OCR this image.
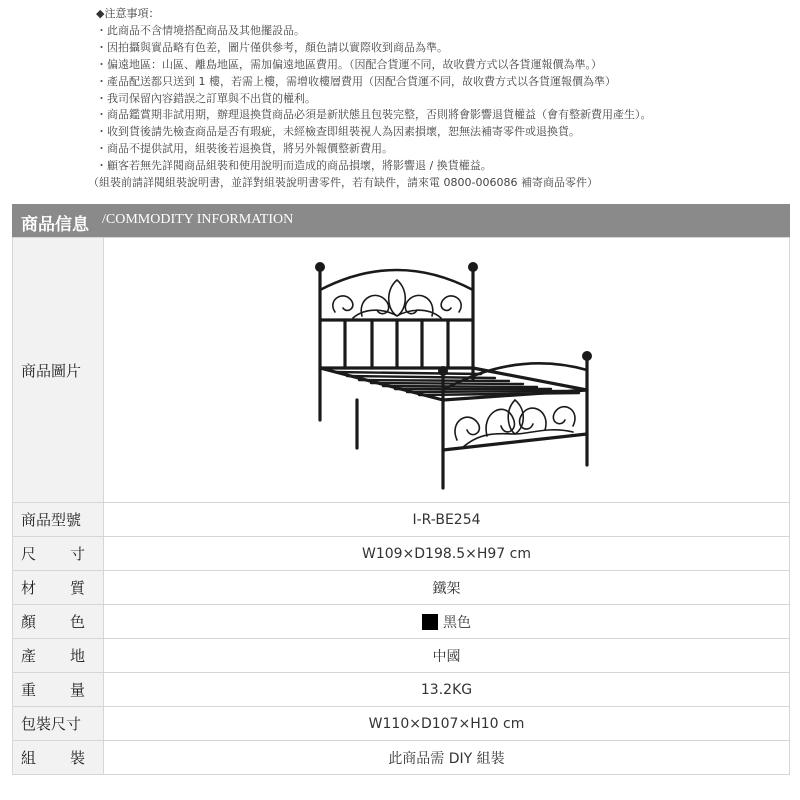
◆注意事項：
・此商品不含情境搭配商品及其他擺設品。
・因拍攝與實品略有色差，圖片僅供參考，顏色請以實際收到商品為準。
・偏遠地區：山區、離島地區，需加偏遠地區費用。（因配合貨運不同，故收費方式以各貨運報價為準。）
・產品配送都只送到 1 樓，若需上樓，需增收樓層費用（因配合貨運不同，故收費方式以各貨運報價為準）
・我司保留內容錯誤之訂單與不出貨的權利。
・商品鑑賞期非試用期，辦理退換貨商品必須是新狀態且包裝完整，否則將會影響退貨權益（會有整新費用產生）。
・收到貨後請先檢查商品是否有瑕疵，未經檢查即組裝視人為因素損壞，恕無法補寄零件或退換貨。
・商品不提供試用，組裝後若退換貨，將另外報價整新費用。
・顧客若無先詳閱商品組裝和使用說明而造成的商品損壞，將影響退 / 換貨權益。
（組裝前請詳閱組裝說明書，並詳對組裝說明書零件，若有缺件，請來電 0800-006086 補寄商品零件）
商品信息 /COMMODITY INFORMATION
商品圖片	

商品型號	I-R-BE254

尺 寸	W109×D198.5×H97 cm

材 質	鐵架

顏 色	黑色

產 地	中國

重 量	13.2KG
包裝尺寸	W110×D107×H10 cm

組 裝	此商品需 DIY 組裝
